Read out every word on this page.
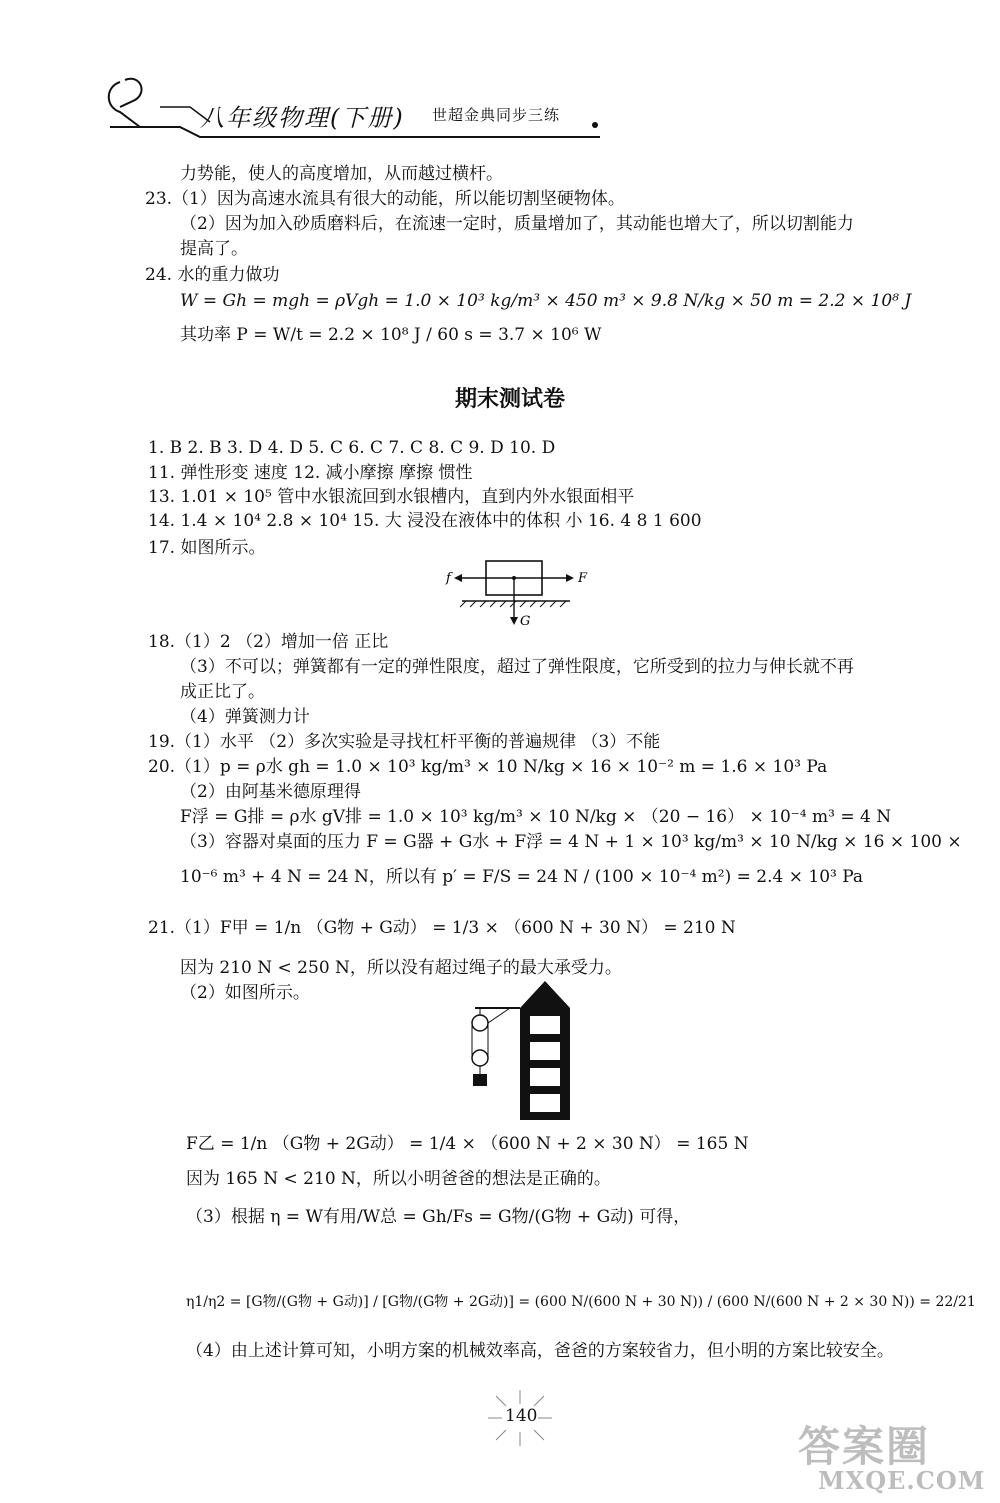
八年级物理(下册) 世超金典同步三练
力势能，使人的高度增加，从而越过横杆。
23.（1）因为高速水流具有很大的动能，所以能切割坚硬物体。
（2）因为加入砂质磨料后，在流速一定时，质量增加了，其动能也增大了，所以切割能力
提高了。
24. 水的重力做功
W = Gh = mgh = ρVgh = 1.0 × 10³ kg/m³ × 450 m³ × 9.8 N/kg × 50 m = 2.2 × 10⁸ J
其功率 P = W/t = 2.2 × 10⁸ J / 60 s = 3.7 × 10⁶ W
期末测试卷
1. B 2. B 3. D 4. D 5. C 6. C 7. C 8. C 9. D 10. D
11. 弹性形变 速度 12. 减小摩擦 摩擦 惯性
13. 1.01 × 10⁵ 管中水银流回到水银槽内，直到内外水银面相平
14. 1.4 × 10⁴ 2.8 × 10⁴ 15. 大 浸没在液体中的体积 小 16. 4 8 1 600
17. 如图所示。
f	F
G
18.（1）2 （2）增加一倍 正比
（3）不可以；弹簧都有一定的弹性限度，超过了弹性限度，它所受到的拉力与伸长就不再
成正比了。
（4）弹簧测力计
19.（1）水平 （2）多次实验是寻找杠杆平衡的普遍规律 （3）不能
20.（1）p = ρ水 gh = 1.0 × 10³ kg/m³ × 10 N/kg × 16 × 10⁻² m = 1.6 × 10³ Pa
（2）由阿基米德原理得
F浮 = G排 = ρ水 gV排 = 1.0 × 10³ kg/m³ × 10 N/kg × （20 − 16） × 10⁻⁴ m³ = 4 N
（3）容器对桌面的压力 F = G器 + G水 + F浮 = 4 N + 1 × 10³ kg/m³ × 10 N/kg × 16 × 100 ×
10⁻⁶ m³ + 4 N = 24 N，所以有 p′ = F/S = 24 N / (100 × 10⁻⁴ m²) = 2.4 × 10³ Pa
21.（1）F甲 = 1/n （G物 + G动） = 1/3 × （600 N + 30 N） = 210 N
因为 210 N < 250 N，所以没有超过绳子的最大承受力。
（2）如图所示。
F乙 = 1/n （G物 + 2G动） = 1/4 × （600 N + 2 × 30 N） = 165 N
因为 165 N < 210 N，所以小明爸爸的想法是正确的。
（3）根据 η = W有用/W总 = Gh/Fs = G物/(G物 + G动) 可得，
η1/η2 = [G物/(G物 + G动)] / [G物/(G物 + 2G动)] = (600 N/(600 N + 30 N)) / (600 N/(600 N + 2 × 30 N)) = 22/21
（4）由上述计算可知，小明方案的机械效率高，爸爸的方案较省力，但小明的方案比较安全。
140
答案圈
MXQE.COM
